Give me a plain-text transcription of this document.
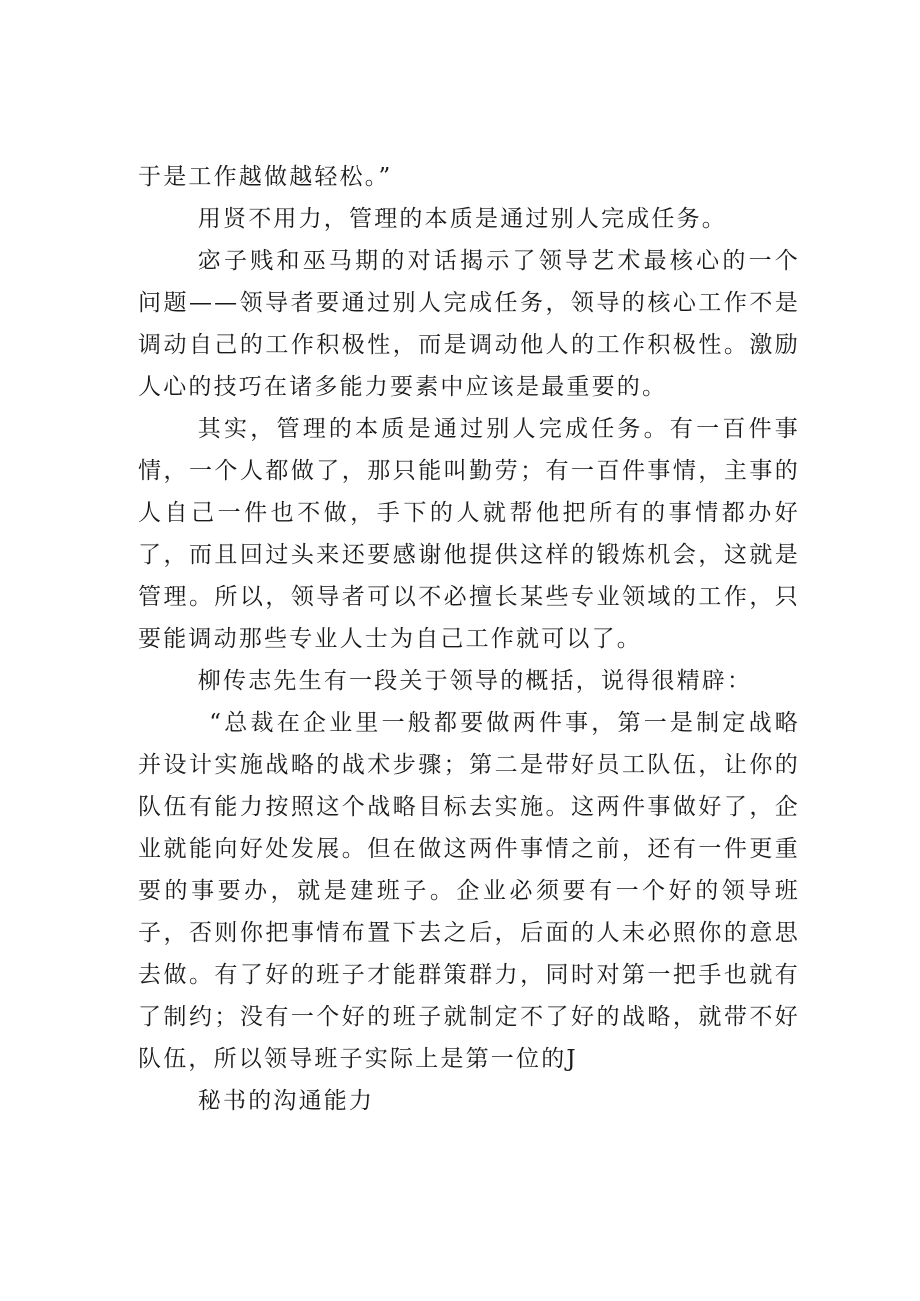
于是工作越做越轻松。”

用贤不用力，管理的本质是通过别人完成任务。

宓子贱和巫马期的对话揭示了领导艺术最核心的一个问题——领导者要通过别人完成任务，领导的核心工作不是调动自己的工作积极性，而是调动他人的工作积极性。激励人心的技巧在诸多能力要素中应该是最重要的。

其实，管理的本质是通过别人完成任务。有一百件事情，一个人都做了，那只能叫勤劳；有一百件事情，主事的人自己一件也不做，手下的人就帮他把所有的事情都办好了，而且回过头来还要感谢他提供这样的锻炼机会，这就是管理。所以，领导者可以不必擅长某些专业领域的工作，只要能调动那些专业人士为自己工作就可以了。

柳传志先生有一段关于领导的概括，说得很精辟：

“总裁在企业里一般都要做两件事，第一是制定战略并设计实施战略的战术步骤；第二是带好员工队伍，让你的队伍有能力按照这个战略目标去实施。这两件事做好了，企业就能向好处发展。但在做这两件事情之前，还有一件更重要的事要办，就是建班子。企业必须要有一个好的领导班子，否则你把事情布置下去之后，后面的人未必照你的意思去做。有了好的班子才能群策群力，同时对第一把手也就有了制约；没有一个好的班子就制定不了好的战略，就带不好队伍，所以领导班子实际上是第一位的J

秘书的沟通能力
